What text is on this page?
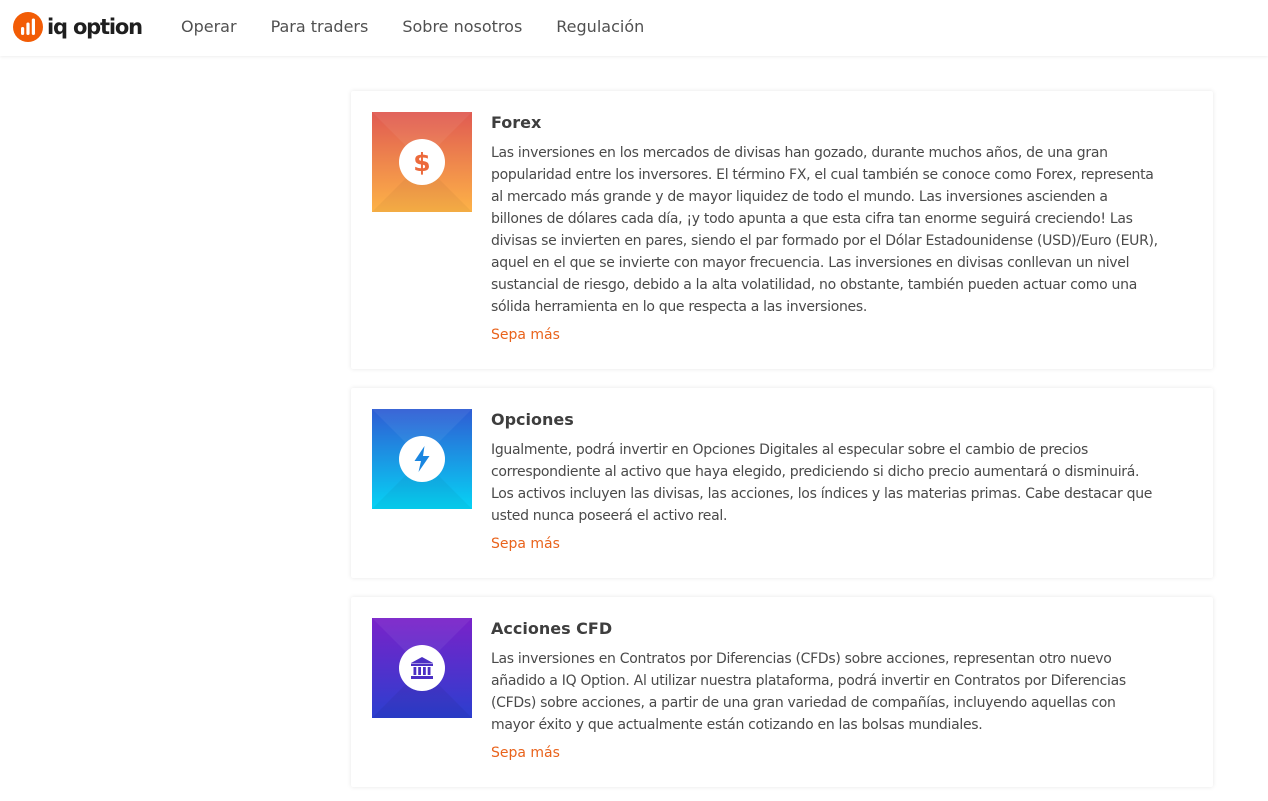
iq option Operar Para traders Sobre nosotros Regulación
$
Forex

Las inversiones en los mercados de divisas han gozado, durante muchos años, de una gran
popularidad entre los inversores. El término FX, el cual también se conoce como Forex, representa
al mercado más grande y de mayor liquidez de todo el mundo. Las inversiones ascienden a
billones de dólares cada día, ¡y todo apunta a que esta cifra tan enorme seguirá creciendo! Las
divisas se invierten en pares, siendo el par formado por el Dólar Estadounidense (USD)/Euro (EUR),
aquel en el que se invierte con mayor frecuencia. Las inversiones en divisas conllevan un nivel
sustancial de riesgo, debido a la alta volatilidad, no obstante, también pueden actuar como una
sólida herramienta en lo que respecta a las inversiones.

Sepa más
Opciones

Igualmente, podrá invertir en Opciones Digitales al especular sobre el cambio de precios
correspondiente al activo que haya elegido, prediciendo si dicho precio aumentará o disminuirá.
Los activos incluyen las divisas, las acciones, los índices y las materias primas. Cabe destacar que
usted nunca poseerá el activo real.

Sepa más
Acciones CFD

Las inversiones en Contratos por Diferencias (CFDs) sobre acciones, representan otro nuevo
añadido a IQ Option. Al utilizar nuestra plataforma, podrá invertir en Contratos por Diferencias
(CFDs) sobre acciones, a partir de una gran variedad de compañías, incluyendo aquellas con
mayor éxito y que actualmente están cotizando en las bolsas mundiales.

Sepa más
